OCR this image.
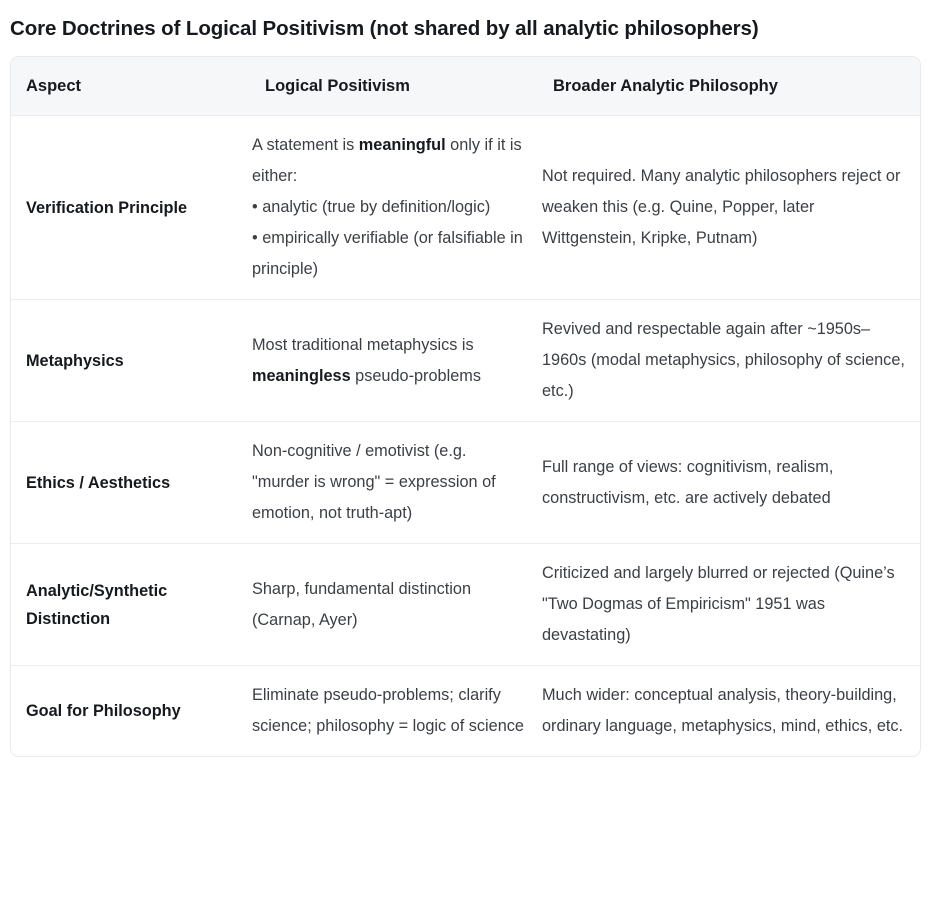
Core Doctrines of Logical Positivism (not shared by all analytic philosophers)
Aspect	Logical Positivism	Broader Analytic Philosophy
Verification Principle	A statement is meaningful only if it is either:
• analytic (true by definition/logic)
• empirically verifiable (or falsifiable in principle)	Not required. Many analytic philosophers reject or weaken this (e.g. Quine, Popper, later Wittgenstein, Kripke, Putnam)
Metaphysics	Most traditional metaphysics is meaningless pseudo-problems	Revived and respectable again after ~1950s–1960s (modal metaphysics, philosophy of science, etc.)
Ethics / Aesthetics	Non-cognitive / emotivist (e.g. "murder is wrong" = expression of emotion, not truth-apt)	Full range of views: cognitivism, realism, constructivism, etc. are actively debated
Analytic/Synthetic Distinction	Sharp, fundamental distinction (Carnap, Ayer)	Criticized and largely blurred or rejected (Quine’s "Two Dogmas of Empiricism" 1951 was devastating)
Goal for Philosophy	Eliminate pseudo-problems; clarify science; philosophy = logic of science	Much wider: conceptual analysis, theory-building, ordinary language, metaphysics, mind, ethics, etc.
